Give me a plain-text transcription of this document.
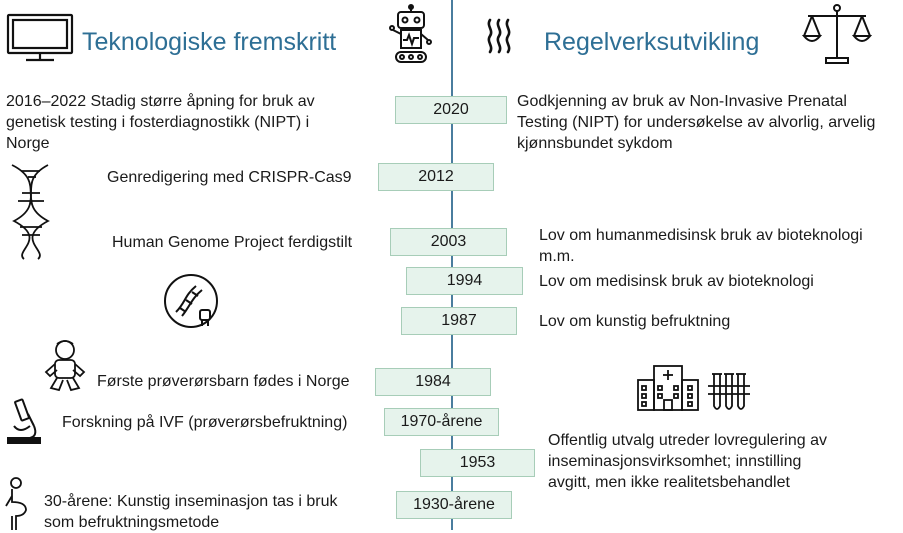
Teknologiske fremskritt	Regelverksutvikling
2020
2012
2003
1994
1987
1984
1970-årene
1953
1930-årene
2016–2022 Stadig større åpning for bruk av
genetisk testing i fosterdiagnostikk (NIPT) i
Norge
Genredigering med CRISPR-Cas9
Human Genome Project ferdigstilt
Første prøverørsbarn fødes i Norge
Forskning på IVF (prøverørsbefruktning)
30-årene: Kunstig inseminasjon tas i bruk
som befruktningsmetode
Godkjenning av bruk av Non-Invasive Prenatal
Testing (NIPT) for undersøkelse av alvorlig, arvelig
kjønnsbundet sykdom
Lov om humanmedisinsk bruk av bioteknologi
m.m.
Lov om medisinsk bruk av bioteknologi
Lov om kunstig befruktning
Offentlig utvalg utreder lovregulering av
inseminasjonsvirksomhet; innstilling
avgitt, men ikke realitetsbehandlet
